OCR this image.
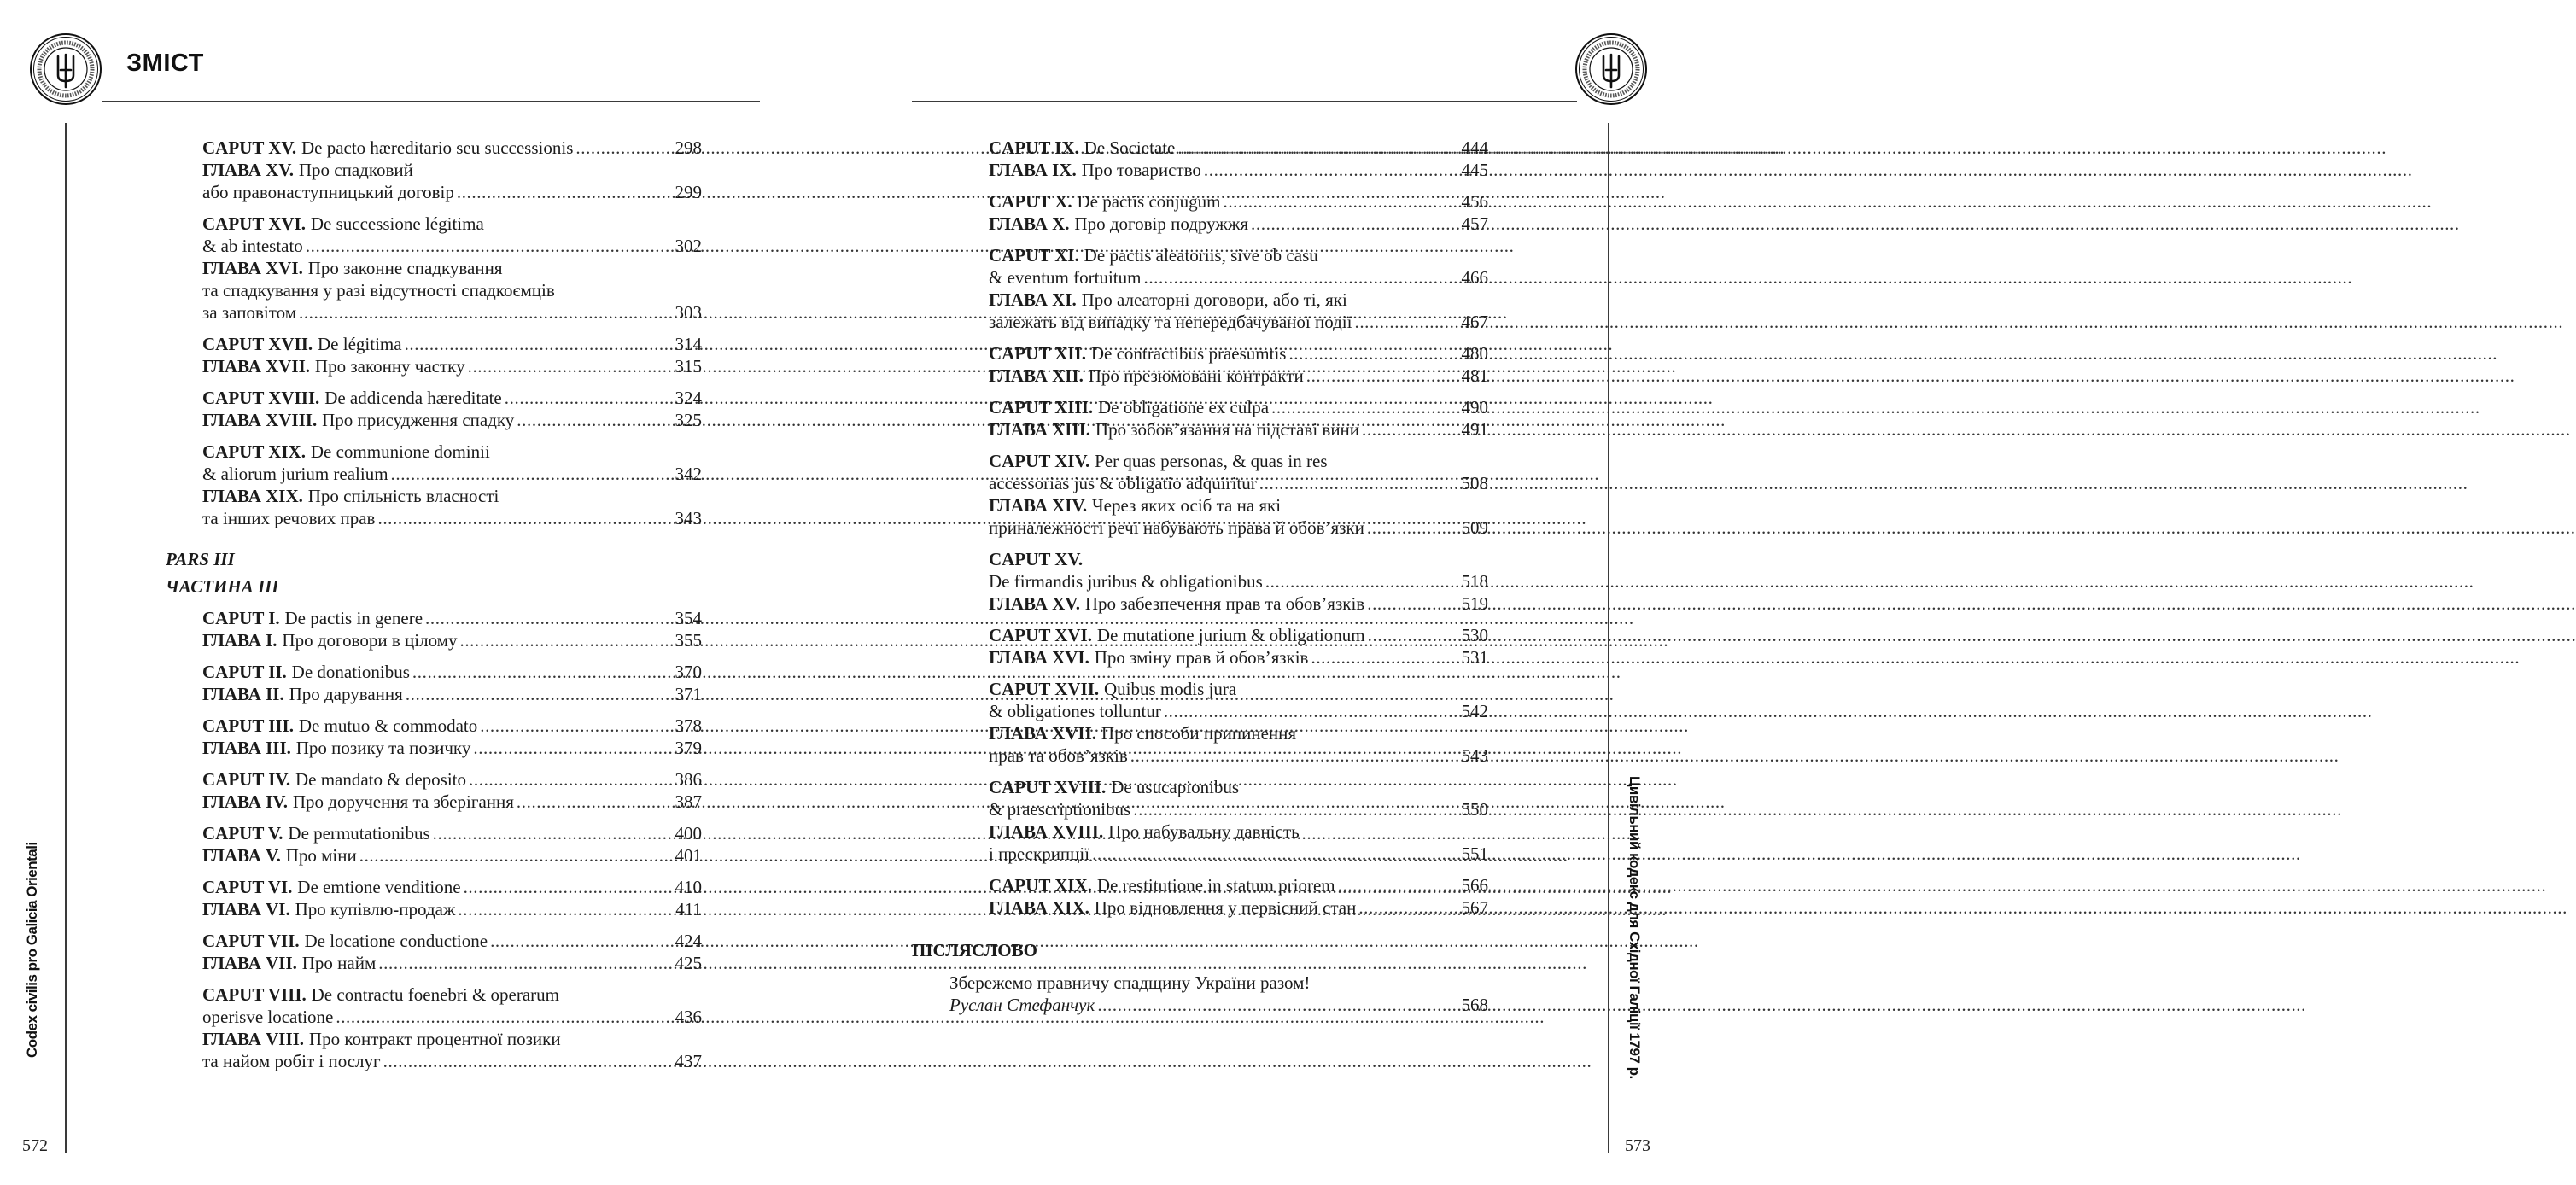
ЗМІСТ
Codex civilis pro Galicia Orientali
572
CAPUT XV. De pacto hæreditario seu successionis .....	298
ГЛАВА XV. Про спадковий
або правонаступницький договір .....	299
CAPUT XVI. De successione légitima
& ab intestato .....	302
ГЛАВА XVI. Про законне спадкування
та спадкування у разі відсутності спадкоємців
за заповітом .....	303
CAPUT XVII. De légitima .....	314
ГЛАВА XVII. Про законну частку .....	315
CAPUT XVIII. De addicenda hæreditate .....	324
ГЛАВА XVIII. Про присудження спадку .....	325
CAPUT XIX. De communione dominii
& aliorum jurium realium .....	342
ГЛАВА XIX. Про спільність власності
та інших речових прав .....	343
PARS III
ЧАСТИНА III
CAPUT I. De pactis in genere .....	354
ГЛАВА I. Про договори в цілому .....	355
CAPUT II. De donationibus .....	370
ГЛАВА II. Про дарування .....	371
CAPUT III. De mutuo & commodato .....	378
ГЛАВА III. Про позику та позичку .....	379
CAPUT IV. De mandato & deposito .....	386
ГЛАВА IV. Про доручення та зберігання .....	387
CAPUT V. De permutationibus .....	400
ГЛАВА V. Про міни .....	401
CAPUT VI. De emtione venditione .....	410
ГЛАВА VI. Про купівлю-продаж .....	411
CAPUT VII. De locatione conductione .....	424
ГЛАВА VII. Про найм .....	425
CAPUT VIII. De contractu foenebri & operarum
operisve locatione .....	436
ГЛАВА VIII. Про контракт процентної позики
та найом робіт і послуг .....	437	Цивільний кодекс для Східної Галіції 1797 р.
573
CAPUT IX. De Societate .....	444
ГЛАВА IX. Про товариство .....	445
CAPUT X. De pactis conjugum .....	456
ГЛАВА X. Про договір подружжя .....	457
CAPUT XI. De pactis aleatoriis, sive ob casu
& eventum fortuitum .....	466
ГЛАВА XI. Про алеаторні договори, або ті, які
залежать від випадку та непередбачуваної події .....	467
CAPUT XII. De contractibus praesumtis .....	480
ГЛАВА XII. Про презюмовані контракти .....	481
CAPUT XIII. De obligatione ex culpa .....	490
ГЛАВА XIII. Про зобов’язання на підставі вини .....	491
CAPUT XIV. Per quas personas, & quas in res
accessorias jus & obligatio adquiritur .....	508
ГЛАВА XIV. Через яких осіб та на які
приналежності речі набувають права й обов’язки .....	509
CAPUT XV.
De firmandis juribus & obligationibus .....	518
ГЛАВА XV. Про забезпечення прав та обов’язків .....	519
CAPUT XVI. De mutatione jurium & obligationum .....	530
ГЛАВА XVI. Про зміну прав й обов’язків .....	531
CAPUT XVII. Quibus modis jura
& obligationes tolluntur .....	542
ГЛАВА XVII. Про способи припинення
прав та обов’язків .....	543
CAPUT XVIII. De usucapionibus
& praescriptionibus .....	550
ГЛАВА XVIII. Про набувальну давність
і прескрипції .....	551
CAPUT XIX. De restitutione in statum priorem .....	566
ГЛАВА XIX. Про відновлення у первісний стан .....	567
ПІСЛЯСЛОВО
Збережемо правничу спадщину України разом!
Руслан Стефанчук .....	568
